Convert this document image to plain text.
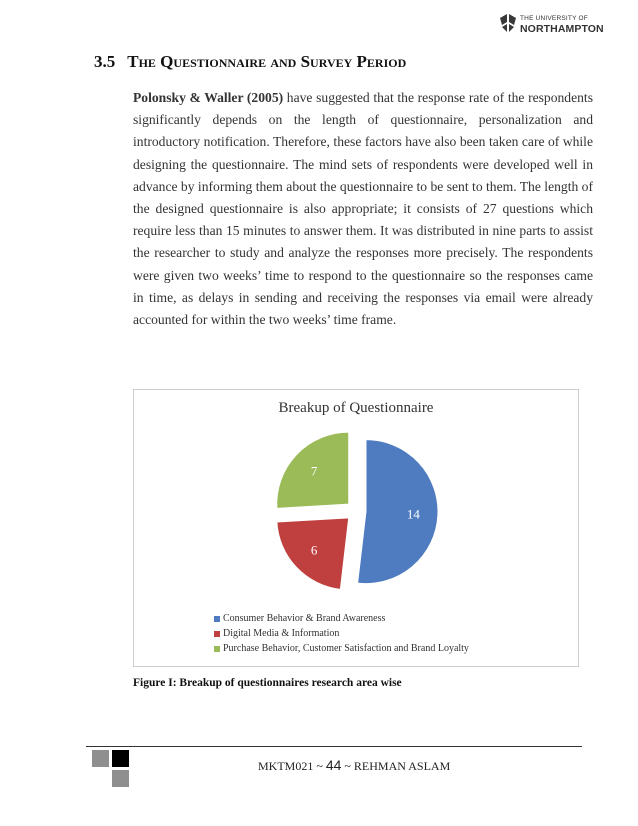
THE UNIVERSITY OF
NORTHAMPTON
3.5 The Questionnaire and Survey Period

Polonsky & Waller (2005) have suggested that the response rate of the respondents significantly depends on the length of questionnaire, personalization and introductory notification. Therefore, these factors have also been taken care of while designing the questionnaire. The mind sets of respondents were developed well in advance by informing them about the questionnaire to be sent to them. The length of the designed questionnaire is also appropriate; it consists of 27 questions which require less than 15 minutes to answer them. It was distributed in nine parts to assist the researcher to study and analyze the responses more precisely. The respondents were given two weeks’ time to respond to the questionnaire so the responses came in time, as delays in sending and receiving the responses via email were already accounted for within the two weeks’ time frame.

Breakup of Questionnaire
14
6
7
Consumer Behavior & Brand Awareness
Digital Media & Information
Purchase Behavior, Customer Satisfaction and Brand Loyalty
Figure I: Breakup of questionnaires research area wise
MKTM021 ~ 44 ~ REHMAN ASLAM
